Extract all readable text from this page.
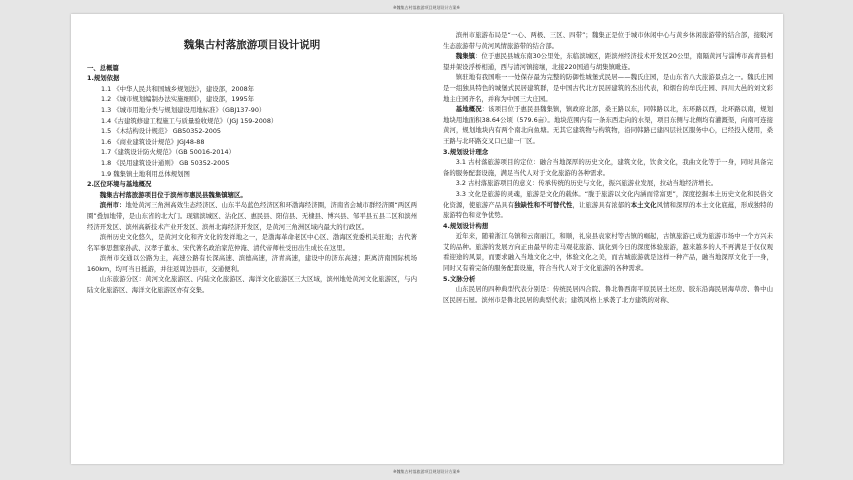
※魏集古村落旅游项目规划设计方案※
魏集古村落旅游项目设计说明
一、总概篇
1.规划依据
1.1 《中华人民共和国城乡规划法》，建设部，2008年
1.2 《城市规划编制办法实施细则》，建设部，1995年
1.3 《城市用地分类与规划建设用地标准》（GBJ137-90）
1.4《古建筑修建工程施工与质量验收规范》（JGJ 159-2008）
1.5 《木结构设计规范》 GB50352-2005
1.6 《商业建筑设计规范》JGJ48-88
1.7《建筑设计防火规范》（GB 50016-2014）
1.8 《民用建筑设计通则》 GB 50352-2005
1.9 魏集镇土地利用总体规划图
2.区位环境与基地概况

魏集古村落旅游项目位于滨州市惠民县魏集镇辖区。

滨州市：地处黄河三角洲高效生态经济区、山东半岛蓝色经济区和环渤海经济圈，济南省会城市群经济圈“两区两圈”叠加地带，是山东省的北大门。现辖滨城区、沾化区、惠民县、阳信县、无棣县、博兴县、邹平县五县二区和滨州经济开发区、滨州高新技术产业开发区、滨州北海经济开发区，是黄河三角洲区域内最大的行政区。

滨州历史文化悠久，是黄河文化和齐文化的发祥地之一，是渤海革命老区中心区、渤海区党委机关驻地；古代著名军事思想家孙武、汉孝子董永、宋代著名政治家范仲淹、清代帝师杜受田出生成长在这里。

滨州市交通以公路为主，高速公路有长深高速、滨德高速，济青高速，建设中的济东高速；距离济南国际机场160km，均可当日抵游，并往返周边县市，交通便利。

山东旅游分区：黄河文化旅游区、内陆文化旅游区、海洋文化旅游区三大区域，滨州地处黄河文化旅游区，与内陆文化旅游区、海洋文化旅游区亦有交集。

滨州市旅游布局是“一心、两极、三区、四带”；魏集正是位于城市休闲中心与黄乡休闲旅游带的结合部，接駁河生态旅游带与黄河风情旅游带的结合部。

魏集镇：位于惠民县城东南30公里处，东临滨城区，距滨州经济技术开发区20公里，南隔黄河与淄博市高青县相望并架设浮桥相通，西与清河镇接壤，北接220国道与胡集镇毗连。

镇驻地有我国唯一一处保存最为完整的防御性城堡式民居——魏氏庄园，是山东省八大旅游景点之一。魏氏庄园是一组独具特色的城堡式民居建筑群，是中国古代北方民居建筑的杰出代表，和烟台的牟氏庄园、四川大邑的刘文彩地主庄园齐名，并称为中国三大庄园。

基地概况：该项目位于惠民县魏集镇，镇政府北部，桑王路以东，同韩路以北，东环路以西，北环路以南，规划地块用地面积38.64公顷（579.6亩）。地块范围内有一条东西走向的水渠，项目东侧与北侧均有灌溉渠，向南可连接黄河，规划地块内有两个南北向鱼塘。无其它建筑物与构筑物，沿同韩路已建四层社区服务中心，已经投入使用，桑王路与北环路交叉口已建一厂区。

3.规划设计理念

3.1 古村落旅游项目的定位：融合当地深厚的历史文化，建筑文化，饮食文化，我曲文化等于一身，同时具备完备的服务配套设施，满足当代人对于文化旅游的各种需求。

3.2 古村落旅游项目的意义：传承传统的历史与文化，振兴旅游业发展，拉动当地经济增长。

3.3 文化是旅游的灵魂，旅游是文化的载体。“胧于旅游以文化内涵而常富更”，深度挖掘本土历史文化和民俗文化资源，使旅游产品具有独缺性和不可替代性，让旅游具有浓郁的本土文化风情和深厚的本土文化底蕴，形成独特的旅游特色和竞争优势。

4.规划设计构想

近年来，随着浙江乌镇和云南丽江，和顺，礼泉县袁家村等古镇的崛起，古镇旅游已成为旅游市场中一个方兴未艾的品种。旅游的发展方向正由最早的走马观花旅游、演化到今日的深度体验旅游，越来越多的人不再满足于仅仅观看迎途的风景，而要求融入当地文化之中，体验文化之美，而古城旅游就是这样一种产品，融当地深厚文化于一身，同时又有着完备的服务配套设施，符合当代人对于文化旅游的各种需求。

5.文脉分析

山东民居的四种典型代表分别是：传统民居四合院、鲁北鲁西南平原民居土坯房、胶东沿海民居海草房、鲁中山区民居石屋。滨州市是鲁北民居的典型代表；建筑风格上承袭了北方建筑的对称、

※魏集古村落旅游项目规划设计方案※
